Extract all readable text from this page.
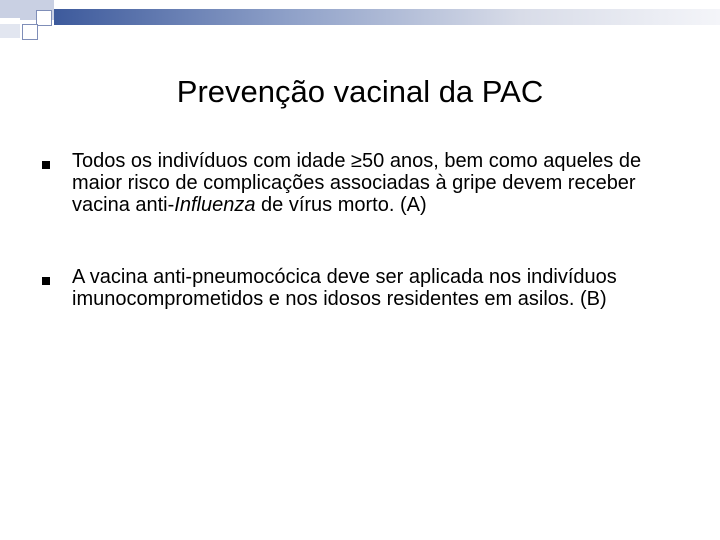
Prevenção vacinal da PAC
Todos os indivíduos com idade ≥50 anos, bem como aqueles de maior risco de complicações associadas à gripe devem receber vacina anti-Influenza de vírus morto. (A)
A vacina anti-pneumocócica deve ser aplicada nos indivíduos imunocomprometidos e nos idosos residentes em asilos. (B)
